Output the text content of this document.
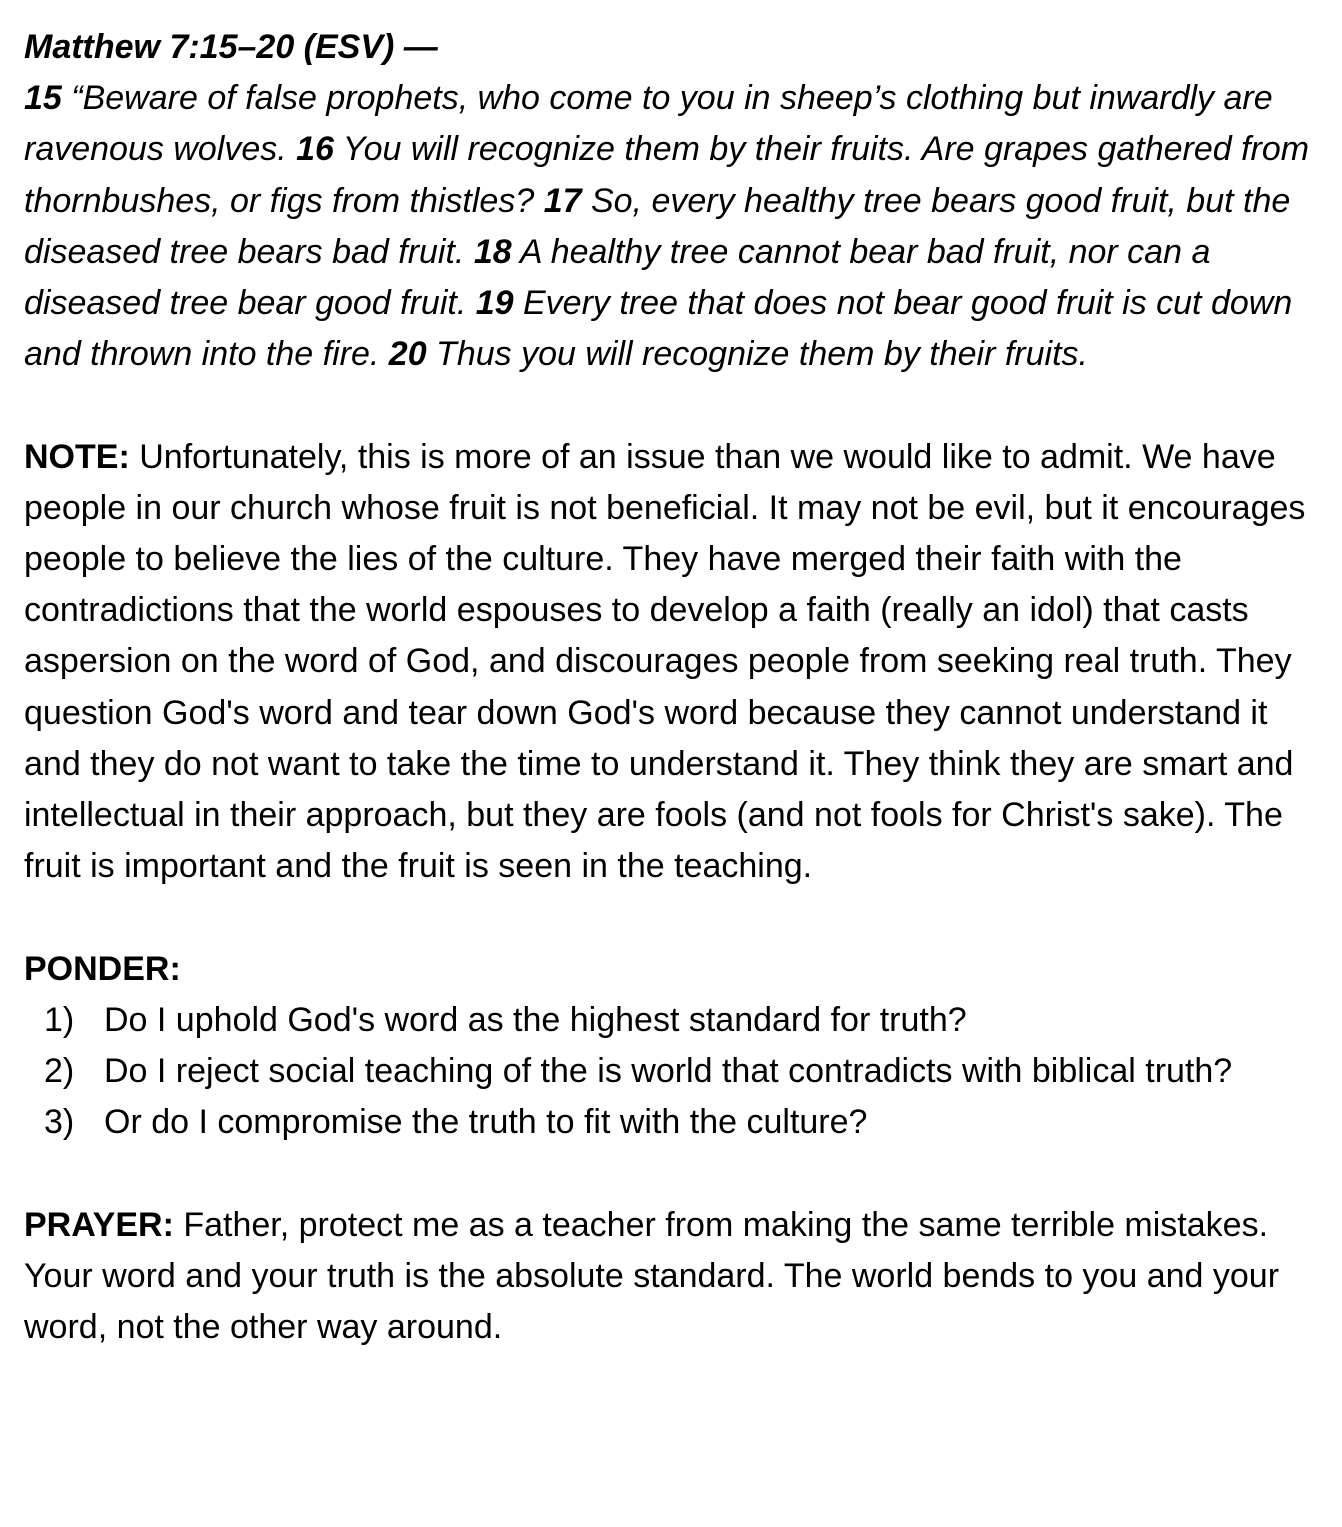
Matthew 7:15–20 (ESV) —
15 “Beware of false prophets, who come to you in sheep’s clothing but inwardly are ravenous wolves. 16 You will recognize them by their fruits. Are grapes gathered from thornbushes, or figs from thistles? 17 So, every healthy tree bears good fruit, but the diseased tree bears bad fruit. 18 A healthy tree cannot bear bad fruit, nor can a diseased tree bear good fruit. 19 Every tree that does not bear good fruit is cut down and thrown into the fire. 20 Thus you will recognize them by their fruits.
NOTE: Unfortunately, this is more of an issue than we would like to admit. We have people in our church whose fruit is not beneficial. It may not be evil, but it encourages people to believe the lies of the culture. They have merged their faith with the contradictions that the world espouses to develop a faith (really an idol) that casts aspersion on the word of God, and discourages people from seeking real truth. They question God's word and tear down God's word because they cannot understand it and they do not want to take the time to understand it. They think they are smart and intellectual in their approach, but they are fools (and not fools for Christ's sake). The fruit is important and the fruit is seen in the teaching.
PONDER:
1) Do I uphold God's word as the highest standard for truth?
2) Do I reject social teaching of the is world that contradicts with biblical truth?
3) Or do I compromise the truth to fit with the culture?
PRAYER: Father, protect me as a teacher from making the same terrible mistakes. Your word and your truth is the absolute standard. The world bends to you and your word, not the other way around.
